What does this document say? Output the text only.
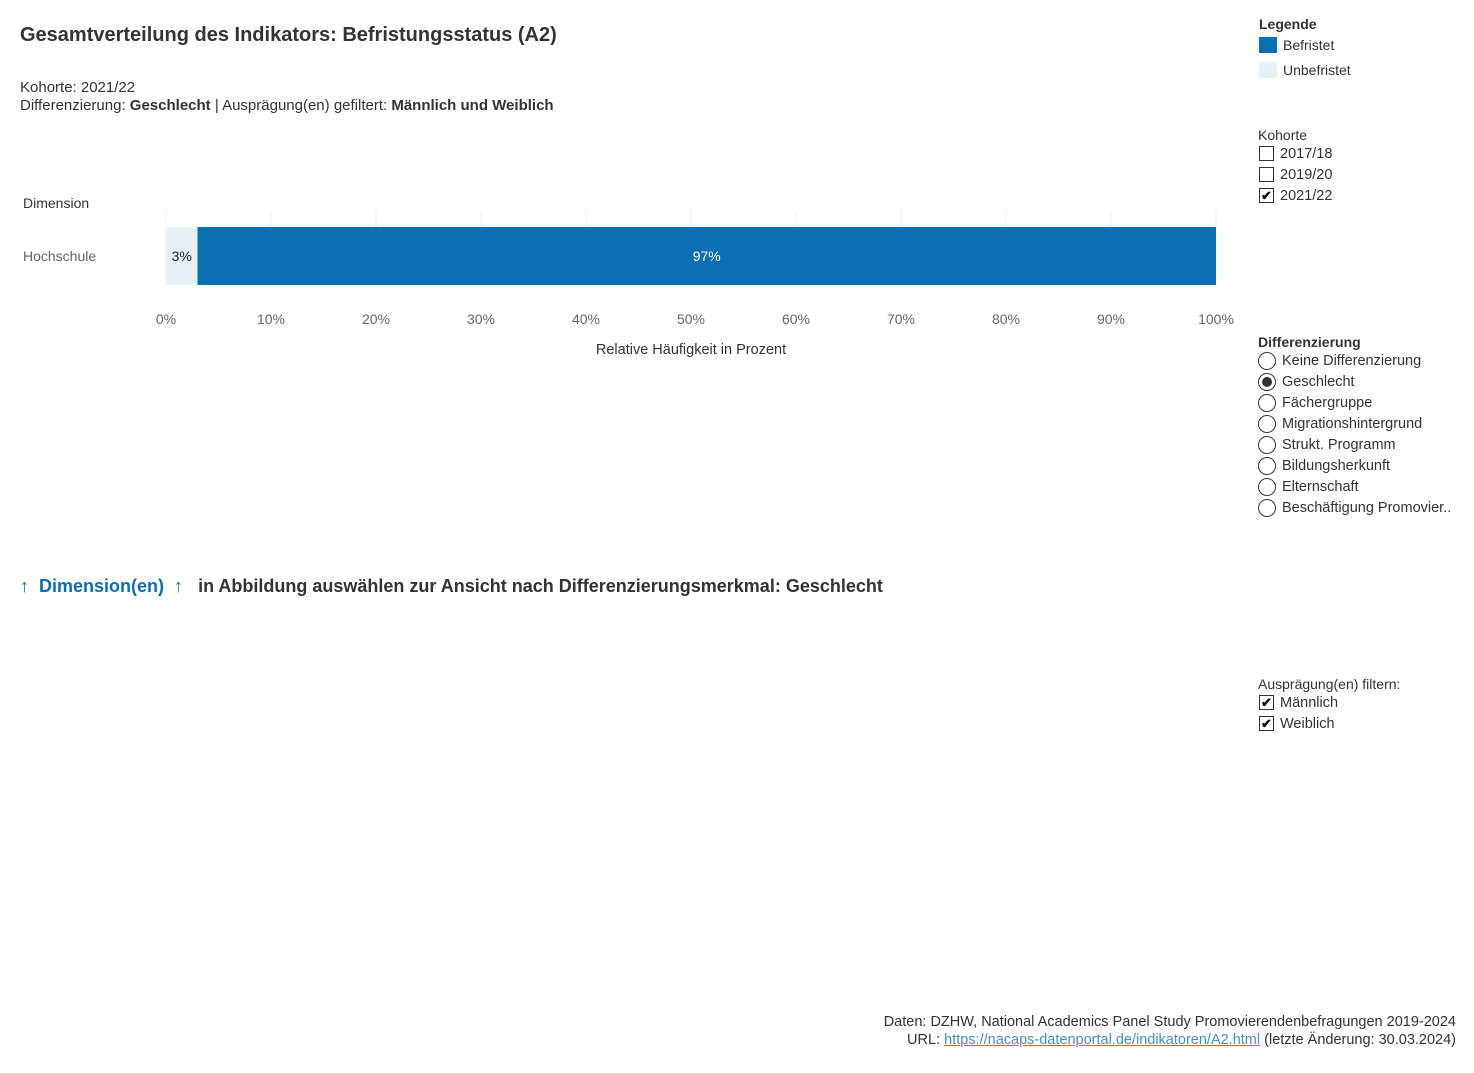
Gesamtverteilung des Indikators: Befristungsstatus (A2)
Kohorte: 2021/22
Differenzierung: Geschlecht | Ausprägung(en) gefiltert: Männlich und Weiblich
Dimension
Hochschule	3%	97%
0%	10%	20%	30%	40%	50%	60%	70%	80%	90%	100%
Relative Häufigkeit in Prozent
Legende
Befristet
Unbefristet
Kohorte
2017/18
2019/20
✔ 2021/22
Differenzierung
Keine Differenzierung
Geschlecht
Fächergruppe
Migrationshintergrund
Strukt. Programm
Bildungsherkunft
Elternschaft
Beschäftigung Promovier..
↑ Dimension(en) ↑ in Abbildung auswählen zur Ansicht nach Differenzierungsmerkmal: Geschlecht
Ausprägung(en) filtern:
✔ Männlich
✔ Weiblich
Daten: DZHW, National Academics Panel Study Promovierendenbefragungen 2019-2024
URL: https://nacaps-datenportal.de/indikatoren/A2.html (letzte Änderung: 30.03.2024)
